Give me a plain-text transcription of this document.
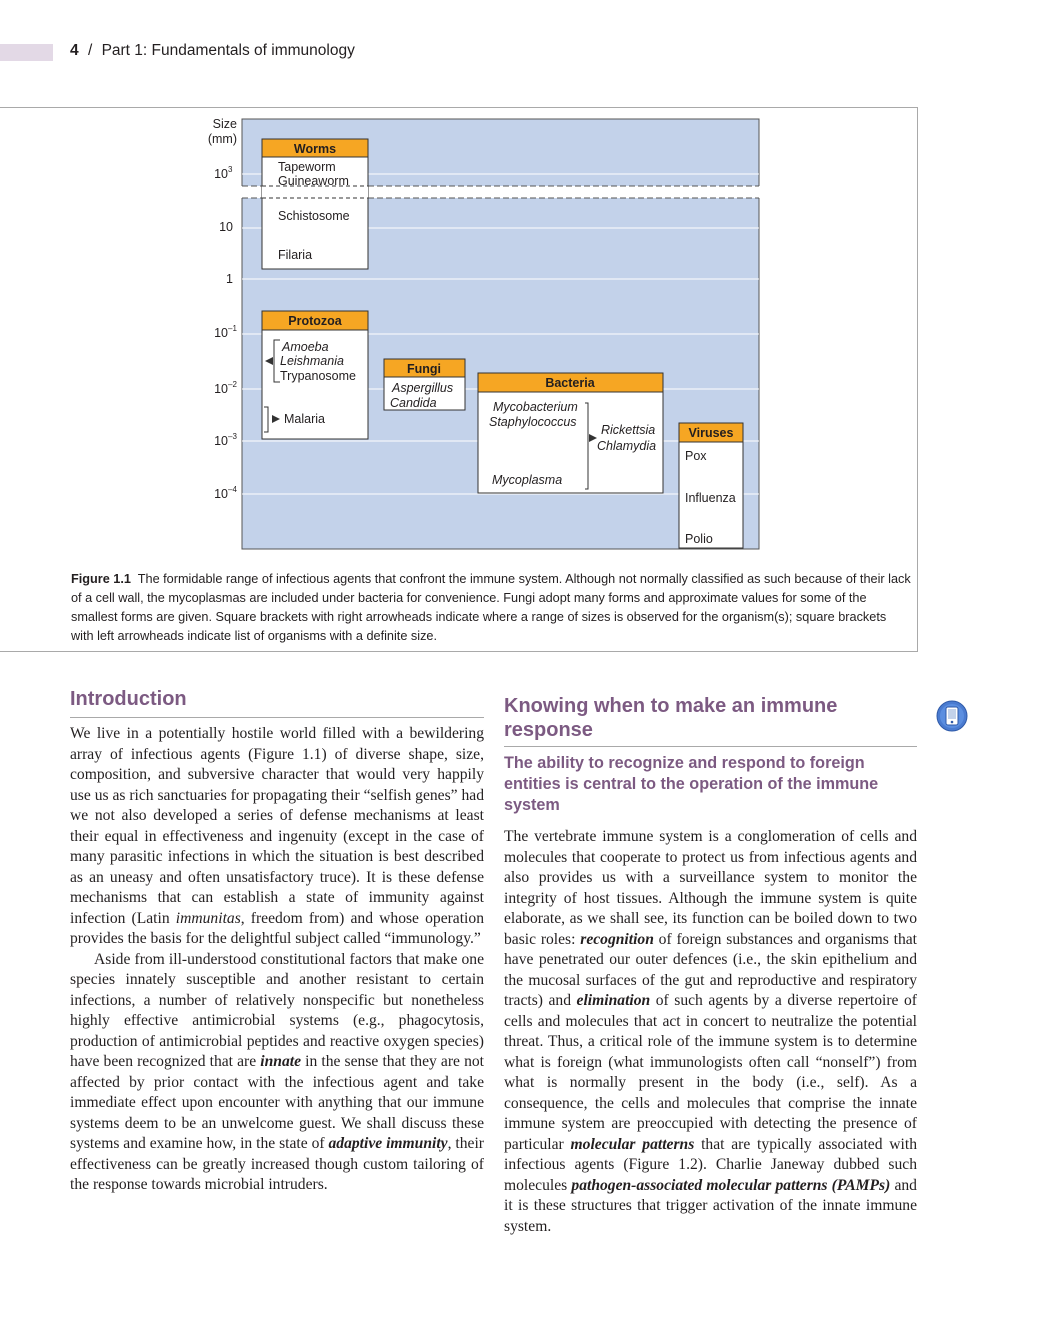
4 / Part 1: Fundamentals of immunology
Size
(mm)
10 3
10
1
10 –1
10 –2
10 –3
10 –4
Worms
Tapeworm
Guineaworm
Schistosome
Filaria
Protozoa
Amoeba
Leishmania
Trypanosome
Malaria
Fungi
Aspergillus
Candida
Bacteria
Mycobacterium
Staphylococcus
Rickettsia
Chlamydia
Mycoplasma
Viruses
Pox
Influenza
Polio
Figure 1.1 The formidable range of infectious agents that confront the immune system. Although not normally classified as such because of their lack of a cell wall, the mycoplasmas are included under bacteria for convenience. Fungi adopt many forms and approximate values for some of the smallest forms are given. Square brackets with right arrowheads indicate where a range of sizes is observed for the organism(s); square brackets with left arrowheads indicate list of organisms with a definite size.
Introduction

We live in a potentially hostile world filled with a bewildering array of infectious agents (Figure 1.1) of diverse shape, size, composition, and subversive character that would very happily use us as rich sanctuaries for propagating their “selfish genes” had we not also developed a series of defense mechanisms at least their equal in effectiveness and ingenuity (except in the case of many parasitic infections in which the situation is best described as an uneasy and often unsatisfactory truce). It is these defense mechanisms that can establish a state of immunity against infection (Latin immunitas, freedom from) and whose operation provides the basis for the delightful subject called “immunology.”

Aside from ill-understood constitutional factors that make one species innately susceptible and another resistant to certain infections, a number of relatively nonspecific but nonetheless highly effective antimicrobial systems (e.g., phagocytosis, production of antimicrobial peptides and reactive oxygen species) have been recognized that are innate in the sense that they are not affected by prior contact with the infectious agent and take immediate effect upon encounter with anything that our immune systems deem to be an unwelcome guest. We shall discuss these systems and examine how, in the state of adaptive immunity, their effectiveness can be greatly increased though custom tailoring of the response towards microbial intruders.

Knowing when to make an immune response
The ability to recognize and respond to foreign entities is central to the operation of the immune system

The vertebrate immune system is a conglomeration of cells and molecules that cooperate to protect us from infectious agents and also provides us with a surveillance system to monitor the integrity of host tissues. Although the immune system is quite elaborate, as we shall see, its function can be boiled down to two basic roles: recognition of foreign substances and organisms that have penetrated our outer defences (i.e., the skin epithelium and the mucosal surfaces of the gut and reproductive and respiratory tracts) and elimination of such agents by a diverse repertoire of cells and molecules that act in concert to neutralize the potential threat. Thus, a critical role of the immune system is to determine what is foreign (what immunologists often call “nonself”) from what is normally present in the body (i.e., self). As a consequence, the cells and molecules that comprise the innate immune system are preoccupied with detecting the presence of particular molecular patterns that are typically associated with infectious agents (Figure 1.2). Charlie Janeway dubbed such molecules pathogen-associated molecular patterns (PAMPs) and it is these structures that trigger activation of the innate immune system.
